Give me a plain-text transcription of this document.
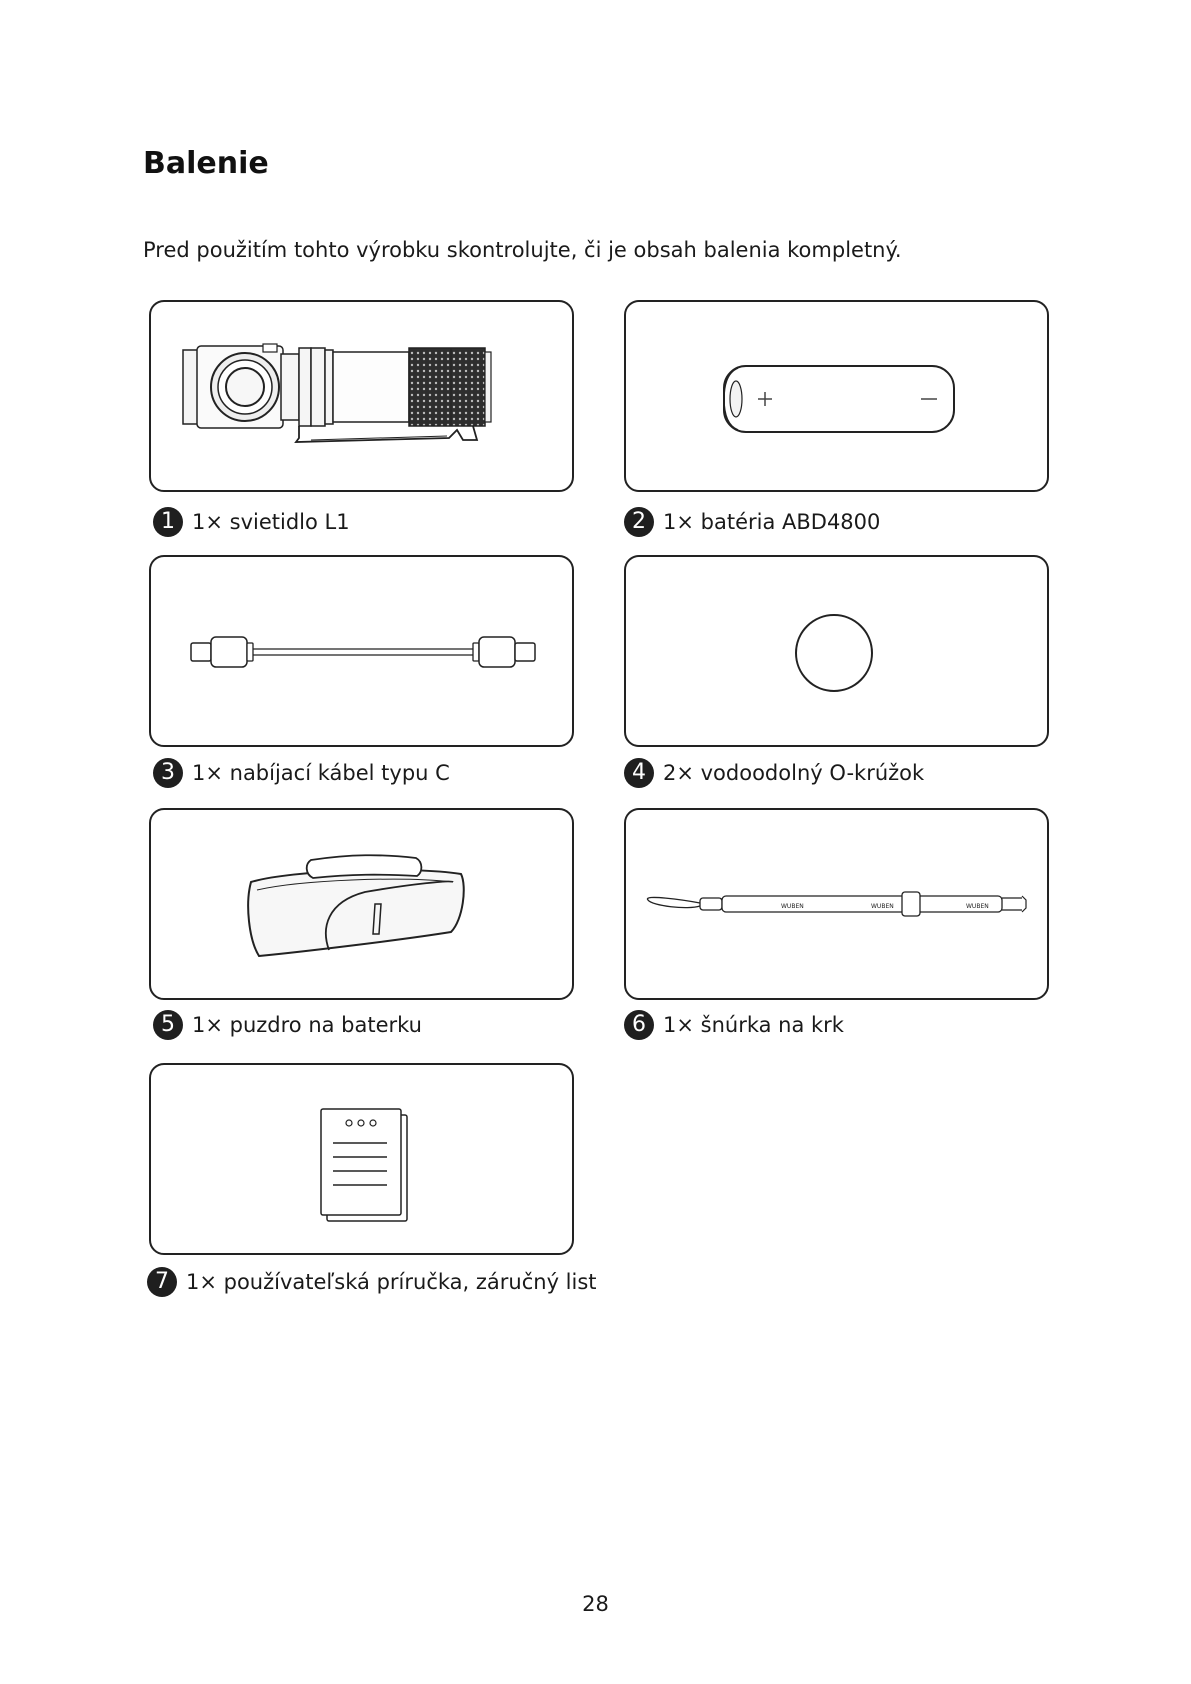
Balenie

Pred použitím tohto výrobku skontrolujte, či je obsah balenia kompletný.

1 1× svietidlo L1	2 1× batéria ABD4800
3 1× nabíjací kábel typu C	4 2× vodoodolný O-krúžok
5 1× puzdro na baterku
WUBEN	WUBEN	WUBEN
6 1× šnúrka na krk
7 1× používateľská príručka, záručný list

28
